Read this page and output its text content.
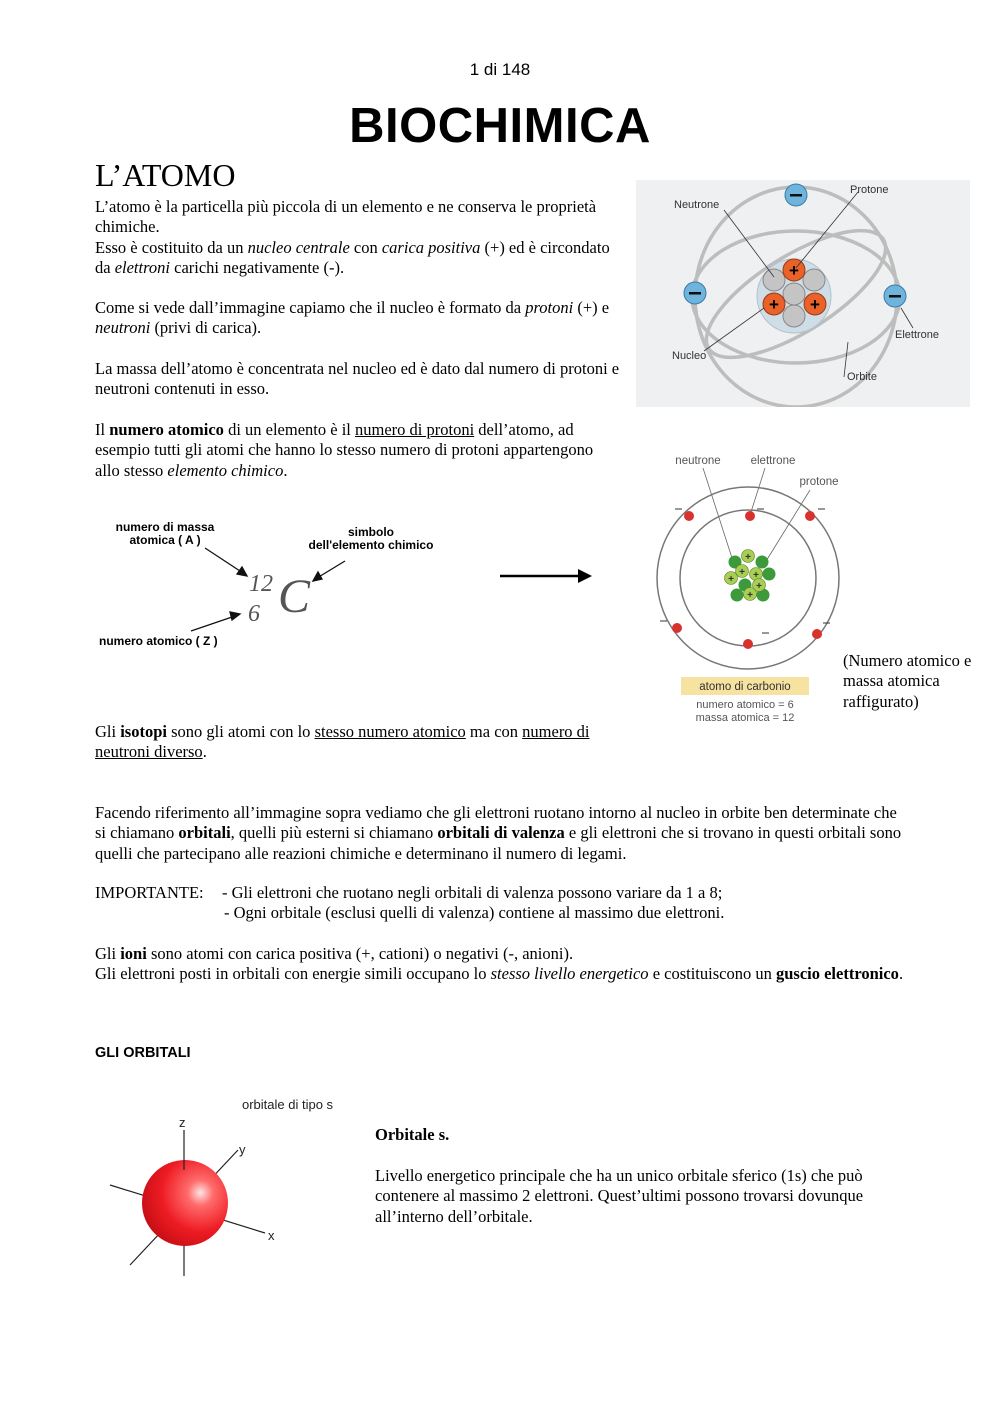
1 di 148
BIOCHIMICA
L’ATOMO

L’atomo è la particella più piccola di un elemento e ne conserva le proprietà chimiche.
Esso è costituito da un nucleo centrale con carica positiva (+) ed è circondato da elettroni carichi negativamente (-).

Come si vede dall’immagine capiamo che il nucleo è formato da protoni (+) e neutroni (privi di carica).
La massa dell’atomo è concentrata nel nucleo ed è dato dal numero di protoni e neutroni contenuti in esso.
Il numero atomico di un elemento è il numero di protoni dell’atomo, ad esempio tutti gli atomi che hanno lo stesso numero di protoni appartengono allo stesso elemento chimico.
+
+ +
Neutrone
Protone
Elettrone
Nucleo
Orbite
numero di massa
atomica ( A )
simbolo
dell'elemento chimico
numero atomico ( Z )
12
6 C
neutrone	elettrone
protone
+
+ +
+
+
+
atomo di carbonio
numero atomico = 6
massa atomica = 12
(Numero atomico e massa atomica raffigurato)
Gli isotopi sono gli atomi con lo stesso numero atomico ma con numero di neutroni diverso.
Facendo riferimento all’immagine sopra vediamo che gli elettroni ruotano intorno al nucleo in orbite ben determinate che si chiamano orbitali, quelli più esterni si chiamano orbitali di valenza e gli elettroni che si trovano in questi orbitali sono quelli che partecipano alle reazioni chimiche e determinano il numero di legami.
IMPORTANTE: - Gli elettroni che ruotano negli orbitali di valenza possono variare da 1 a 8;
- Ogni orbitale (esclusi quelli di valenza) contiene al massimo due elettroni.
Gli ioni sono atomi con carica positiva (+, cationi) o negativi (-, anioni).
Gli elettroni posti in orbitali con energie simili occupano lo stesso livello energetico e costituiscono un guscio elettronico.
GLI ORBITALI
orbitale di tipo s
z
y
x
Orbitale s.
Livello energetico principale che ha un unico orbitale sferico (1s) che può contenere al massimo 2 elettroni. Quest’ultimi possono trovarsi dovunque all’interno dell’orbitale.
